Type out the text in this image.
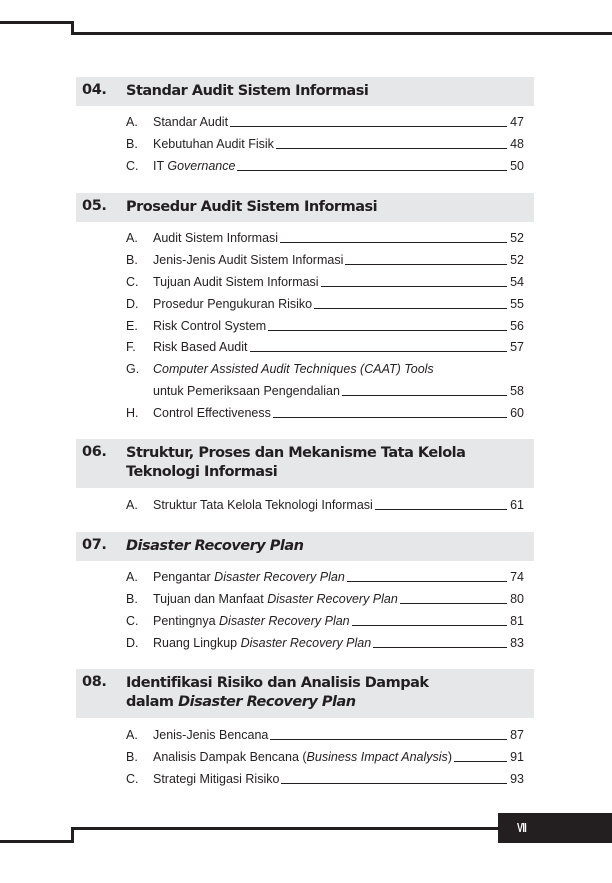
VII
04. Standar Audit Sistem Informasi
A. Standar Audit	47
B. Kebutuhan Audit Fisik	48
C. IT Governance	50
05. Prosedur Audit Sistem Informasi
A. Audit Sistem Informasi	52
B. Jenis-Jenis Audit Sistem Informasi	52
C. Tujuan Audit Sistem Informasi	54
D. Prosedur Pengukuran Risiko	55
E. Risk Control System	56
F. Risk Based Audit	57
G. Computer Assisted Audit Techniques (CAAT) Tools
untuk Pemeriksaan Pengendalian	58
H. Control Effectiveness	60
06. Struktur, Proses dan Mekanisme Tata Kelola
Teknologi Informasi
A. Struktur Tata Kelola Teknologi Informasi	61
07. Disaster Recovery Plan
A. Pengantar Disaster Recovery Plan	74
B. Tujuan dan Manfaat Disaster Recovery Plan	80
C. Pentingnya Disaster Recovery Plan	81
D. Ruang Lingkup Disaster Recovery Plan	83
08. Identifikasi Risiko dan Analisis Dampak
dalam Disaster Recovery Plan
A. Jenis-Jenis Bencana	87
B. Analisis Dampak Bencana (Business Impact Analysis)	91
C. Strategi Mitigasi Risiko	93
